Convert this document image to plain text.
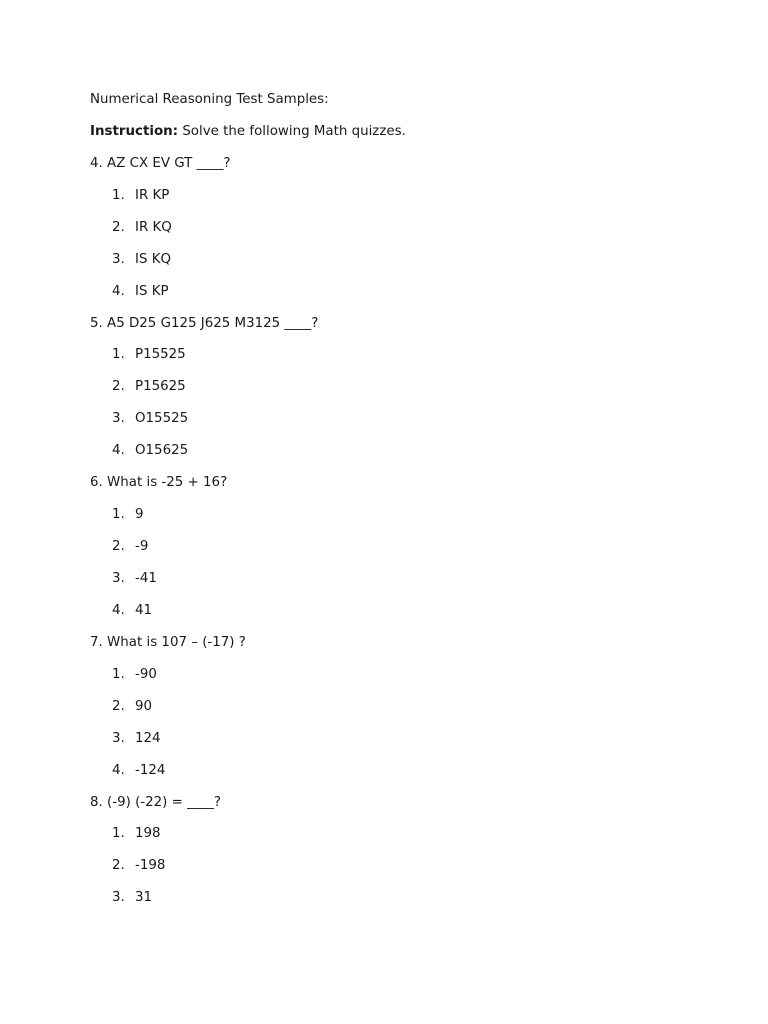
Numerical Reasoning Test Samples:
Instruction: Solve the following Math quizzes.
4. AZ CX EV GT ____?
1. IR KP
2. IR KQ
3. IS KQ
4. IS KP
5. A5 D25 G125 J625 M3125 ____?
1. P15525
2. P15625
3. O15525
4. O15625
6. What is -25 + 16?
1. 9
2. -9
3. -41
4. 41
7. What is 107 – (-17) ?
1. -90
2. 90
3. 124
4. -124
8. (-9) (-22) = ____?
1. 198
2. -198
3. 31
